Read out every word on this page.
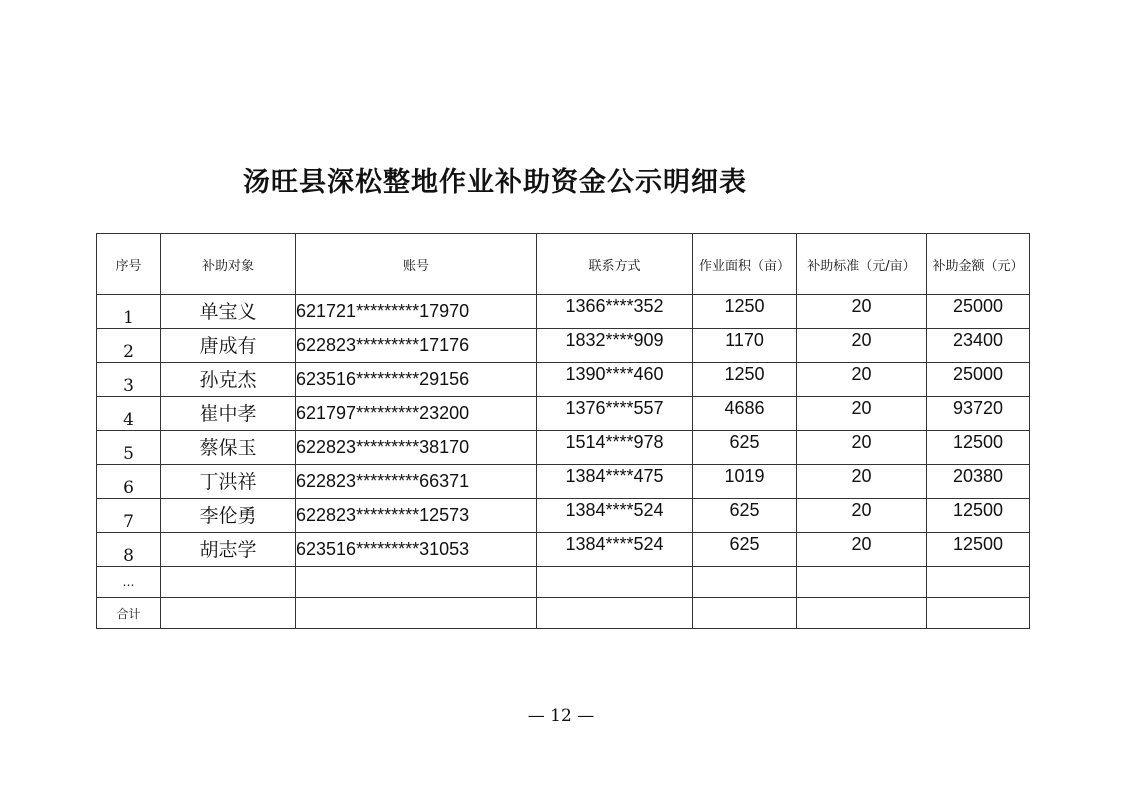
汤旺县深松整地作业补助资金公示明细表
序号	补助对象	账号	联系方式	作业面积（亩）	补助标准（元/亩）	补助金额（元）
1	单宝义	621721*********17970	1366****352	1250	20	25000
2	唐成有	622823*********17176	1832****909	1170	20	23400
3	孙克杰	623516*********29156	1390****460	1250	20	25000
4	崔中孝	621797*********23200	1376****557	4686	20	93720
5	蔡保玉	622823*********38170	1514****978	625	20	12500
6	丁洪祥	622823*********66371	1384****475	1019	20	20380
7	李伦勇	622823*********12573	1384****524	625	20	12500
8	胡志学	623516*********31053	1384****524	625	20	12500
…						
合计						
— 12 —
